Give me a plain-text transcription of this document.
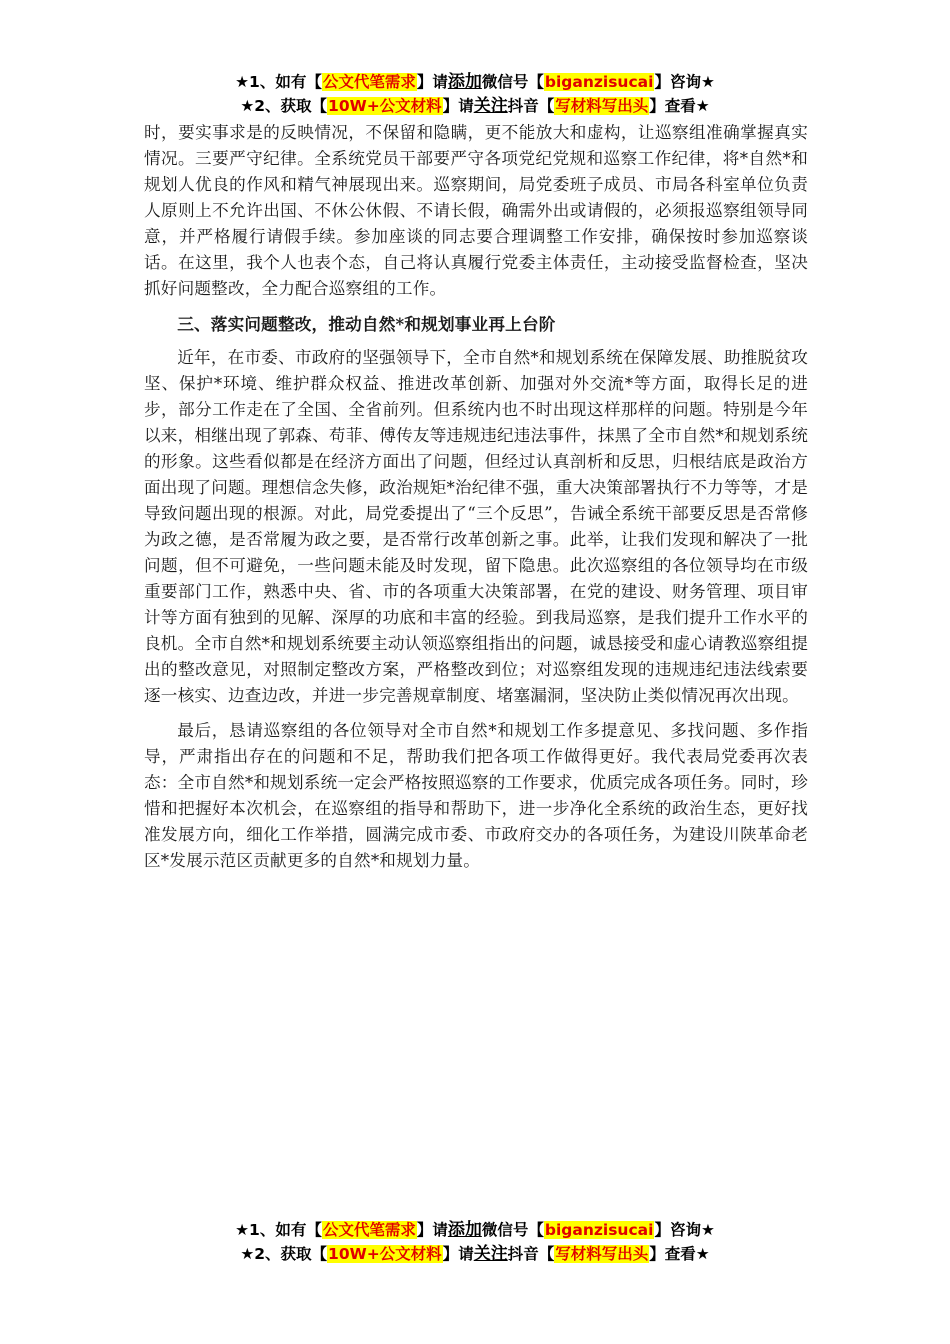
★1、如有【公文代笔需求】请添加微信号【biganzisucai】咨询★
★2、获取【10W+公文材料】请关注抖音【写材料写出头】查看★

时，要实事求是的反映情况，不保留和隐瞒，更不能放大和虚构，让巡察组准确掌握真实情况。三要严守纪律。全系统党员干部要严守各项党纪党规和巡察工作纪律，将*自然*和规划人优良的作风和精气神展现出来。巡察期间，局党委班子成员、市局各科室单位负责人原则上不允许出国、不休公休假、不请长假，确需外出或请假的，必须报巡察组领导同意，并严格履行请假手续。参加座谈的同志要合理调整工作安排，确保按时参加巡察谈话。在这里，我个人也表个态，自己将认真履行党委主体责任，主动接受监督检查，坚决抓好问题整改，全力配合巡察组的工作。

三、落实问题整改，推动自然*和规划事业再上台阶

近年，在市委、市政府的坚强领导下，全市自然*和规划系统在保障发展、助推脱贫攻坚、保护*环境、维护群众权益、推进改革创新、加强对外交流*等方面，取得长足的进步，部分工作走在了全国、全省前列。但系统内也不时出现这样那样的问题。特别是今年以来，相继出现了郭森、苟菲、傅传友等违规违纪违法事件，抹黑了全市自然*和规划系统的形象。这些看似都是在经济方面出了问题，但经过认真剖析和反思，归根结底是政治方面出现了问题。理想信念失修，政治规矩*治纪律不强，重大决策部署执行不力等等，才是导致问题出现的根源。对此，局党委提出了“三个反思”，告诫全系统干部要反思是否常修为政之德，是否常履为政之要，是否常行改革创新之事。此举，让我们发现和解决了一批问题，但不可避免，一些问题未能及时发现，留下隐患。此次巡察组的各位领导均在市级重要部门工作，熟悉中央、省、市的各项重大决策部署，在党的建设、财务管理、项目审计等方面有独到的见解、深厚的功底和丰富的经验。到我局巡察，是我们提升工作水平的良机。全市自然*和规划系统要主动认领巡察组指出的问题，诚恳接受和虚心请教巡察组提出的整改意见，对照制定整改方案，严格整改到位；对巡察组发现的违规违纪违法线索要逐一核实、边查边改，并进一步完善规章制度、堵塞漏洞，坚决防止类似情况再次出现。

最后，恳请巡察组的各位领导对全市自然*和规划工作多提意见、多找问题、多作指导，严肃指出存在的问题和不足，帮助我们把各项工作做得更好。我代表局党委再次表态：全市自然*和规划系统一定会严格按照巡察的工作要求，优质完成各项任务。同时，珍惜和把握好本次机会，在巡察组的指导和帮助下，进一步净化全系统的政治生态，更好找准发展方向，细化工作举措，圆满完成市委、市政府交办的各项任务，为建设川陕革命老区*发展示范区贡献更多的自然*和规划力量。

★1、如有【公文代笔需求】请添加微信号【biganzisucai】咨询★
★2、获取【10W+公文材料】请关注抖音【写材料写出头】查看★
